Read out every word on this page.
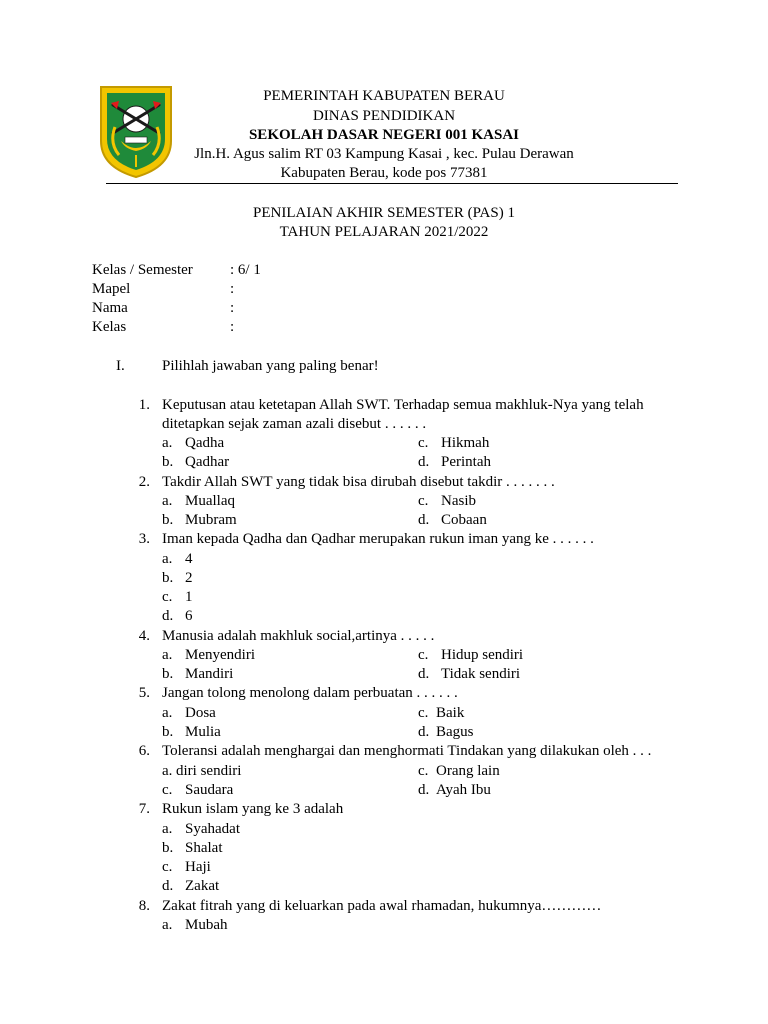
PEMERINTAH KABUPATEN BERAU
DINAS PENDIDIKAN
SEKOLAH DASAR NEGERI 001 KASAI
Jln.H. Agus salim RT 03 Kampung Kasai , kec. Pulau Derawan
Kabupaten Berau, kode pos 77381
PENILAIAN AKHIR SEMESTER (PAS) 1
TAHUN PELAJARAN 2021/2022
Kelas / Semester : 6/ 1
Mapel	:
Nama	:
Kelas	:
I. Pilihlah jawaban yang paling benar!
1. Keputusan atau ketetapan Allah SWT. Terhadap semua makhluk-Nya yang telah
ditetapkan sejak zaman azali disebut . . . . . .
a. Qadha	c. Hikmah
b. Qadhar	d. Perintah
2. Takdir Allah SWT yang tidak bisa dirubah disebut takdir . . . . . . .
a. Muallaq	c. Nasib
b. Mubram	d. Cobaan
3. Iman kepada Qadha dan Qadhar merupakan rukun iman yang ke . . . . . .
a. 4
b. 2
c. 1
d. 6
4. Manusia adalah makhluk social,artinya . . . . .
a. Menyendiri	c. Hidup sendiri
b. Mandiri	d. Tidak sendiri
5. Jangan tolong menolong dalam perbuatan . . . . . .
a. Dosa	c. Baik
b. Mulia	d. Bagus
6. Toleransi adalah menghargai dan menghormati Tindakan yang dilakukan oleh . . .
a. diri sendiri	c. Orang lain
c. Saudara	d. Ayah Ibu
7. Rukun islam yang ke 3 adalah
a. Syahadat
b. Shalat
c. Haji
d. Zakat
8. Zakat fitrah yang di keluarkan pada awal rhamadan, hukumnya…………
a. Mubah
